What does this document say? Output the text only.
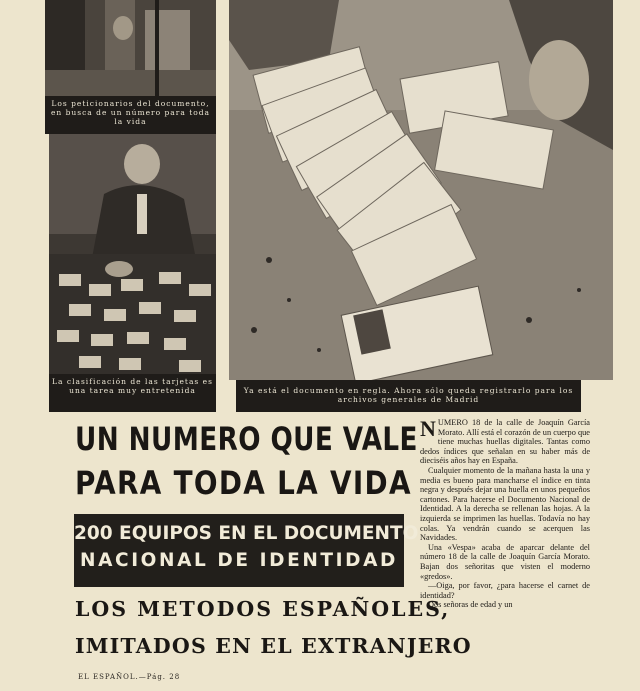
Los peticionarios del documento, en busca de un número para toda la vida
La clasificación de las tarjetas es una tarea muy entretenida	Ya está el documento en regla. Ahora sólo queda registrarlo para los archivos generales de Madrid
UN NUMERO QUE VALE
PARA TODA LA VIDA
200 EQUIPOS EN EL DOCUMENTO
NACIONAL DE IDENTIDAD
LOS METODOS ESPAÑOLES,
IMITADOS EN EL EXTRANJERO

NUMERO 18 de la calle de Joaquín García Morato. Allí está el corazón de un cuerpo que tiene muchas huellas digitales. Tantas como dedos índices que señalan en su haber más de dieciséis años hay en España.

Cualquier momento de la mañana hasta la una y media es bueno para mancharse el índice en tinta negra y después dejar una huella en unos pequeños cartones. Para hacerse el Documento Nacional de Identidad. A la derecha se rellenan las hojas. A la izquierda se imprimen las huellas. Todavía no hay colas. Ya vendrán cuando se acerquen las Navidades.

Una «Vespa» acaba de aparcar delante del número 18 de la calle de Joaquín García Morato. Bajan dos señoritas que visten el moderno «gredos».

—Oiga, por favor, ¿para hacerse el carnet de identidad?

Dos señoras de edad y un

EL ESPAÑOL.—Pág. 28
